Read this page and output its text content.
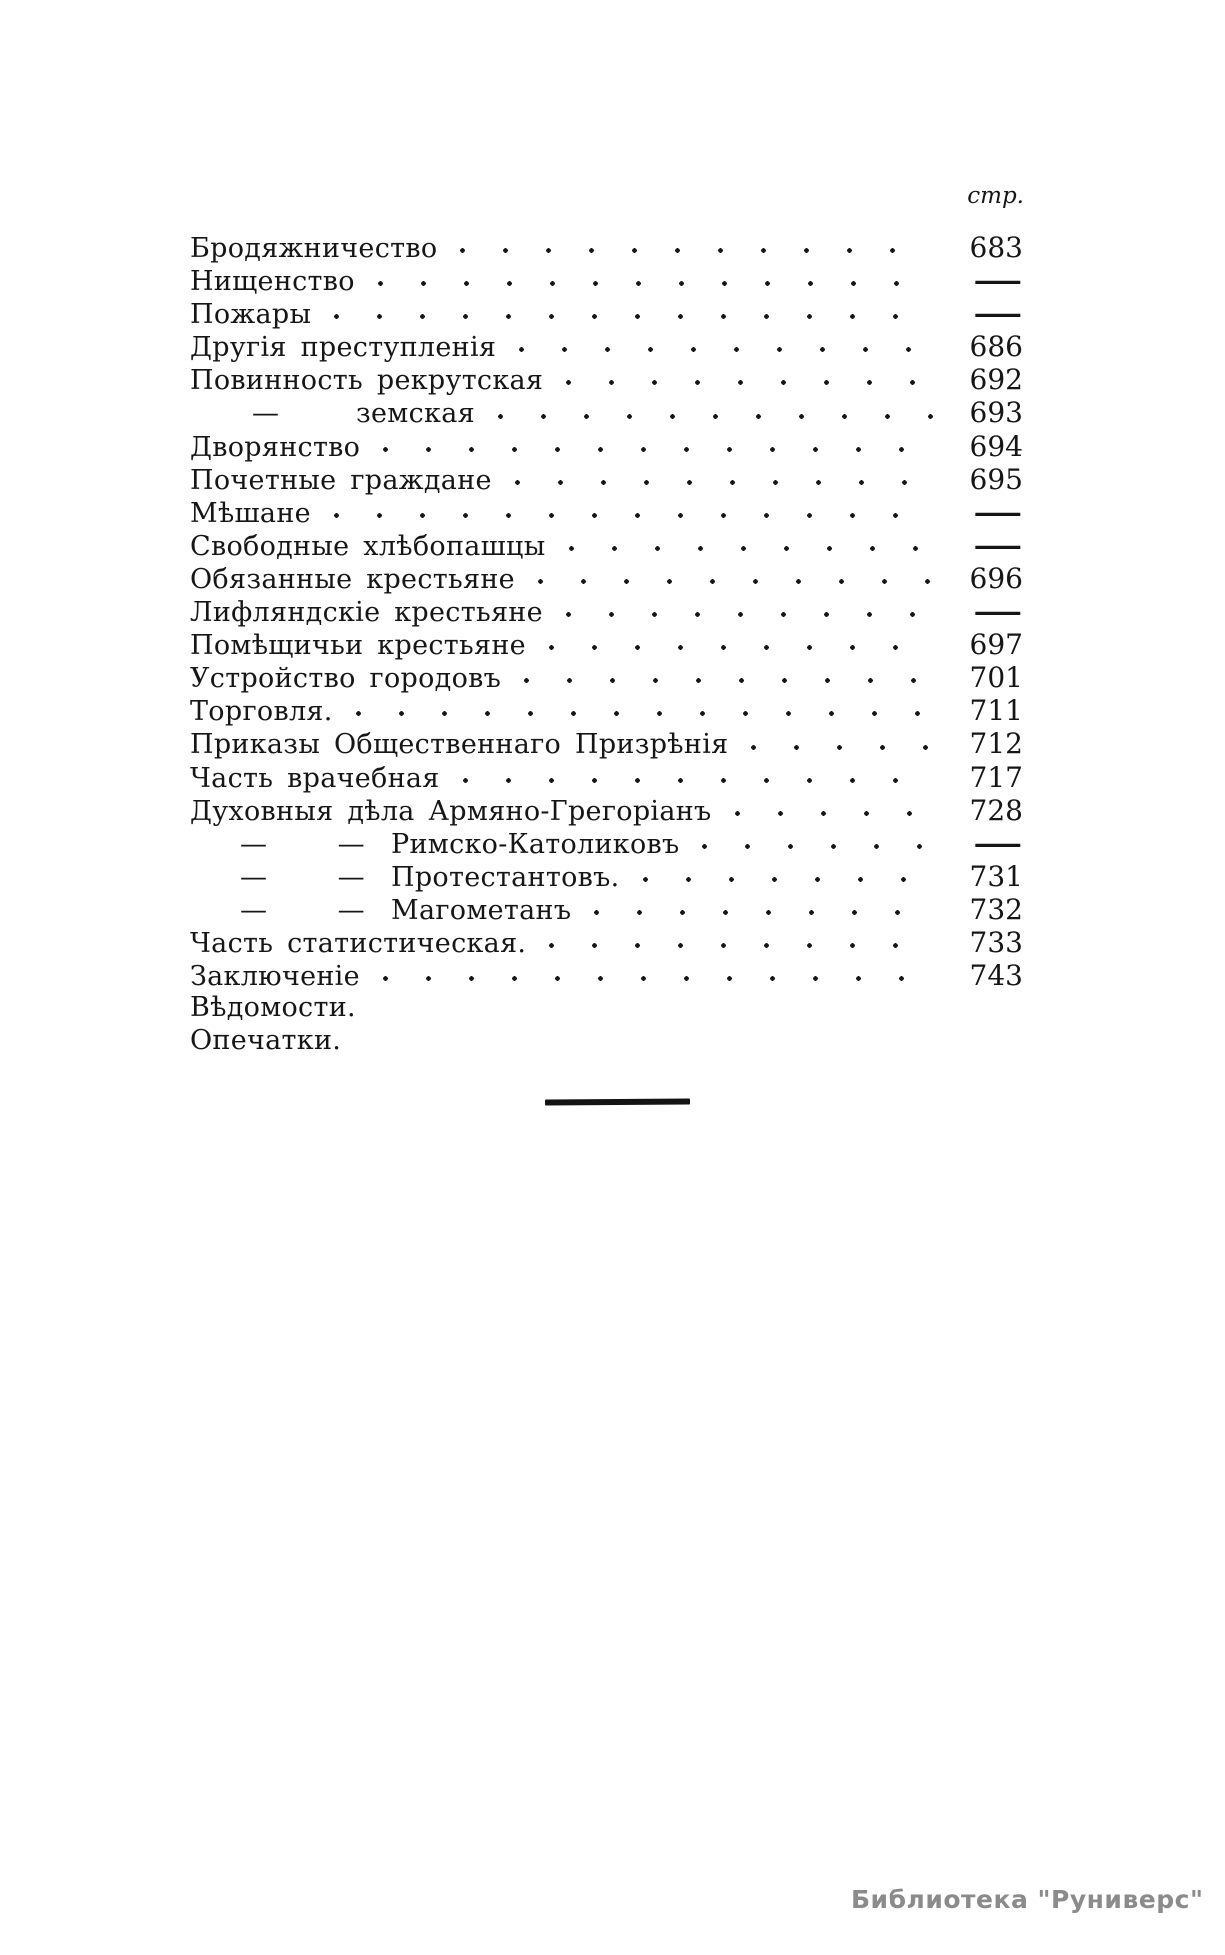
стр.
Бродяжничество	683
Нищенство	—
Пожары	—
Другія преступленія	686
Повинность рекрутская	692
—	земская	693
Дворянство	694
Почетные граждане	695
Мѣшане	—
Свободные хлѣбопашцы	—
Обязанные крестьяне	696
Лифляндскіе крестьяне	—
Помѣщичьи крестьяне	697
Устройство городовъ	701
Торговля.	711
Приказы Общественнаго Призрѣнія	712
Часть врачебная	717
Духовныя дѣла Армяно-Грегоріанъ	728
— — Римско-Католиковъ	—
— — Протестантовъ.	731
— — Магометанъ	732
Часть статистическая.	733
Заключеніе	743
Вѣдомости.
Опечатки.
Библиотека "Руниверс"
